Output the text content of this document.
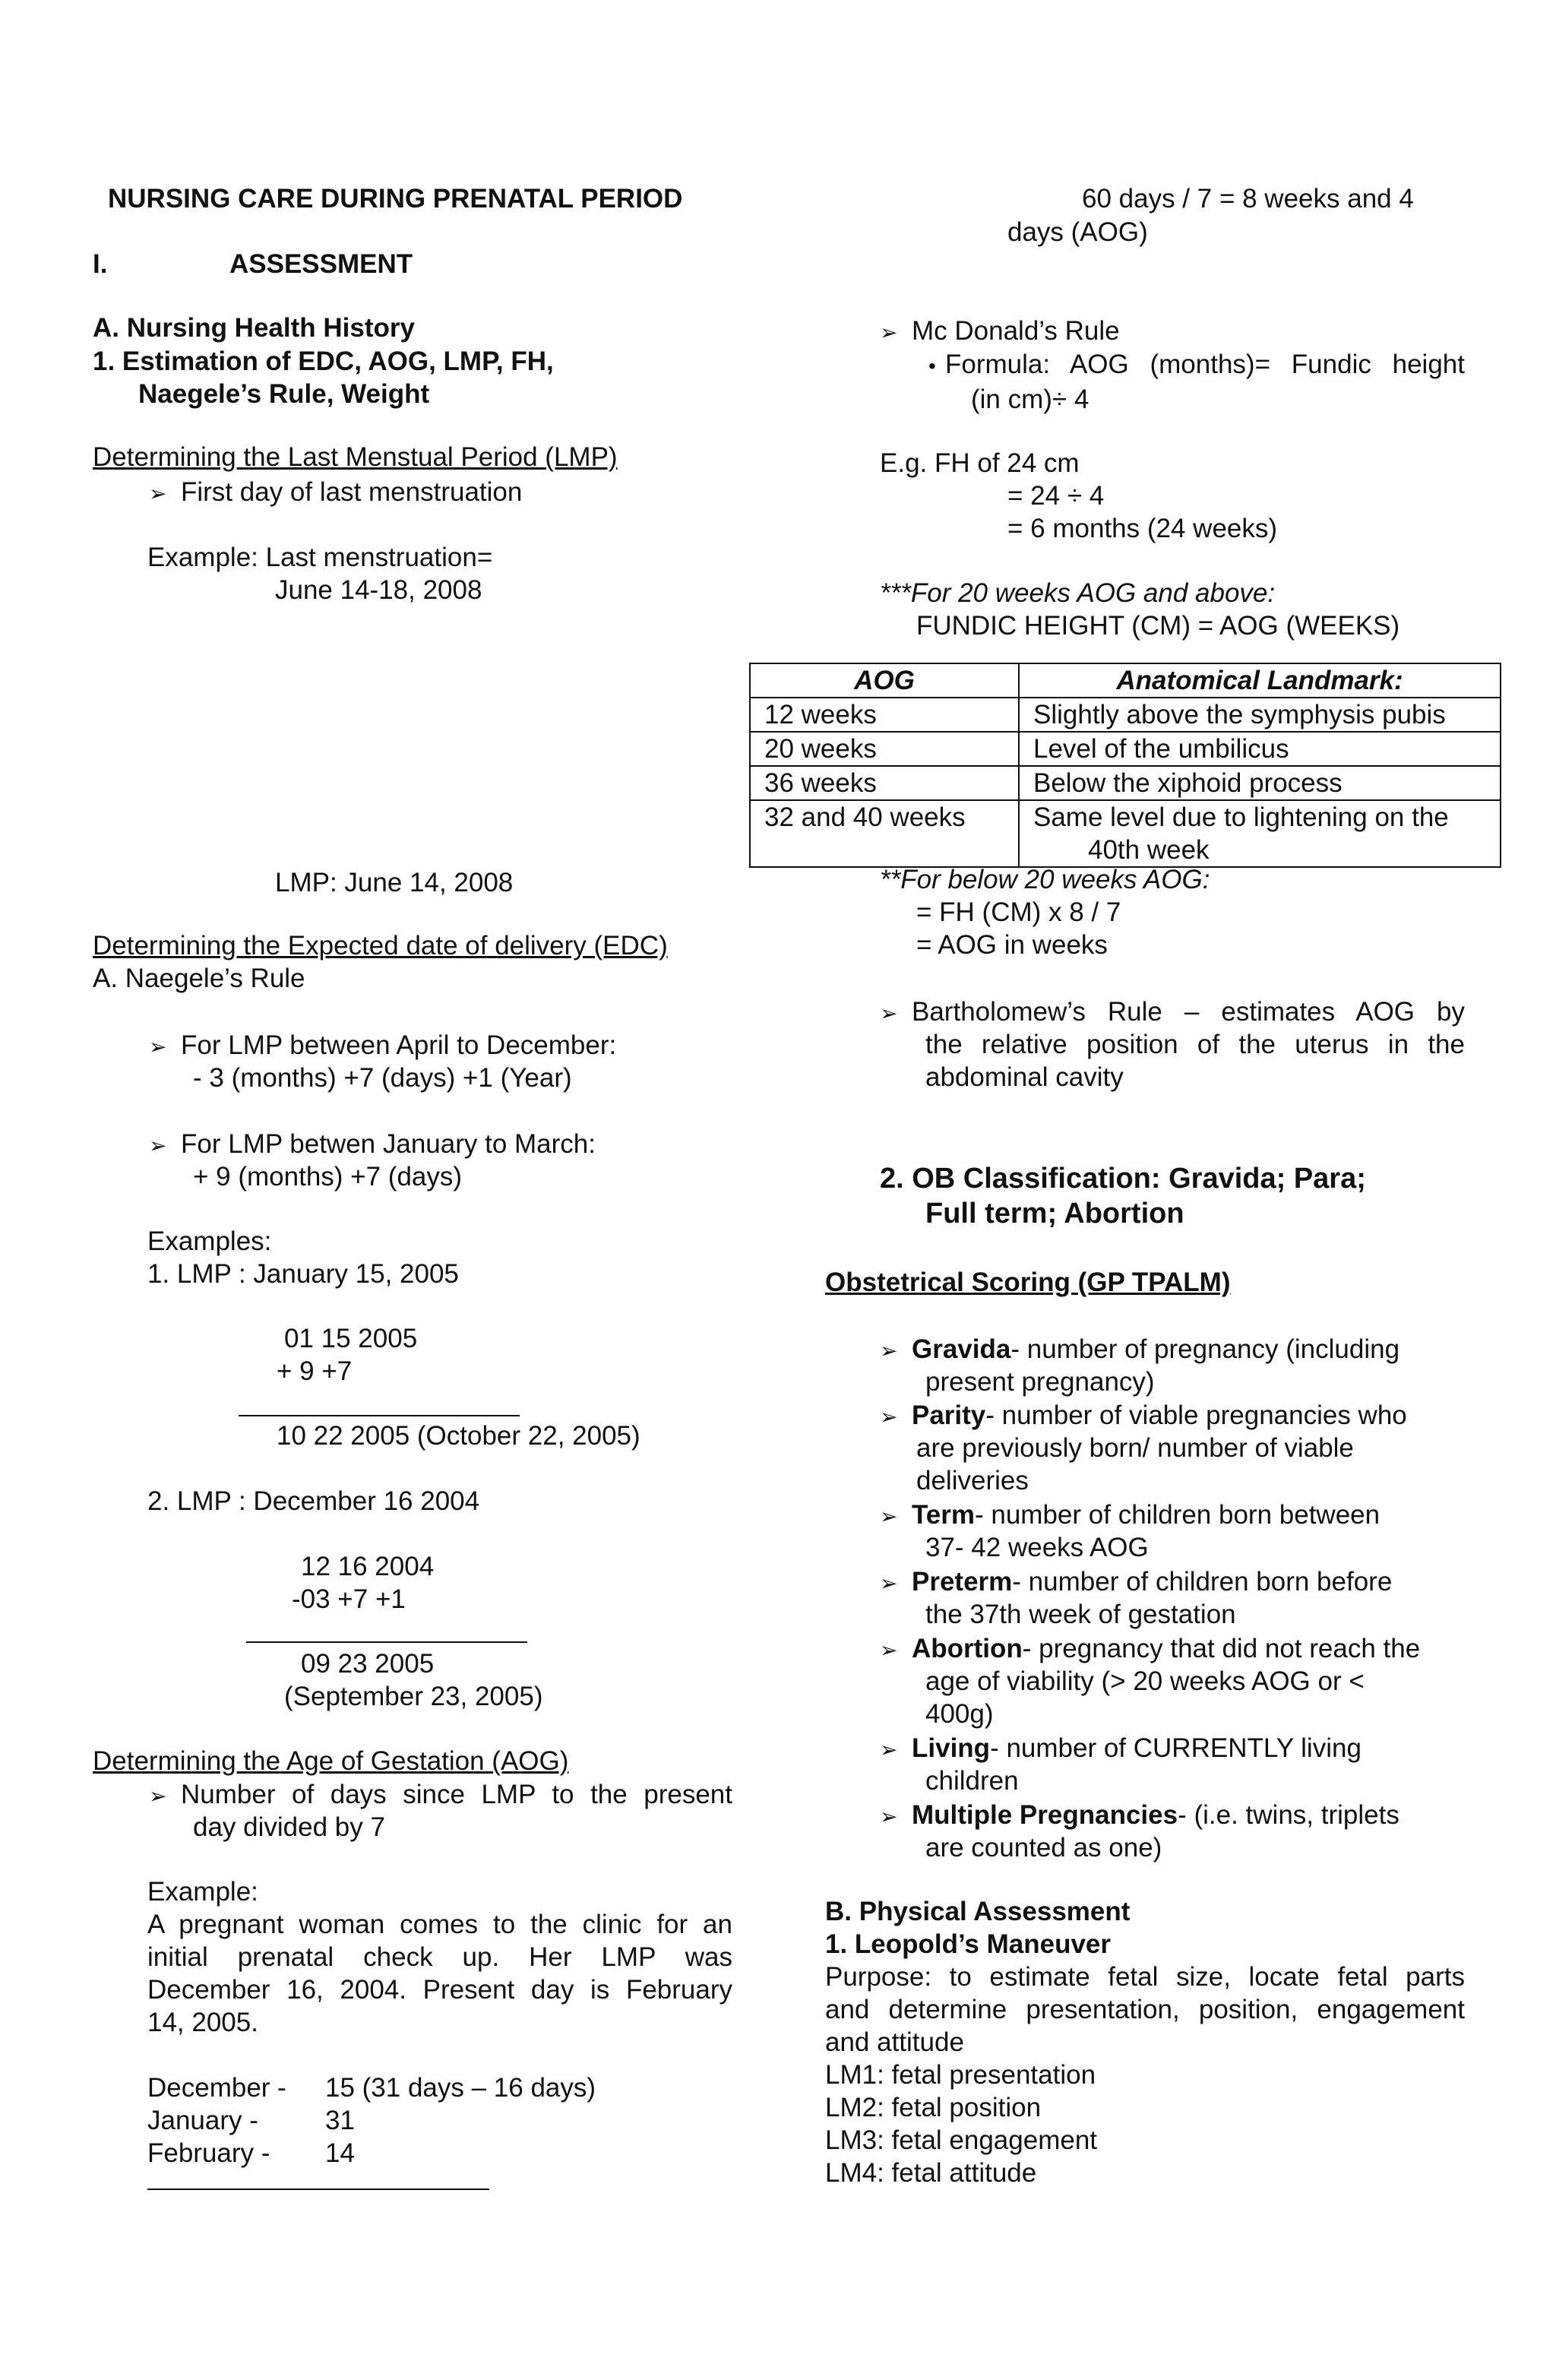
NURSING CARE DURING PRENATAL PERIOD
I.	ASSESSMENT
A. Nursing Health History
1. Estimation of EDC, AOG, LMP, FH,
Naegele’s Rule, Weight
Determining the Last Menstual Period (LMP)
➢ First day of last menstruation
Example: Last menstruation=
June 14-18, 2008
LMP: June 14, 2008
Determining the Expected date of delivery (EDC)
A. Naegele’s Rule
➢ For LMP between April to December:
- 3 (months) +7 (days) +1 (Year)
➢ For LMP betwen January to March:
+ 9 (months) +7 (days)
Examples:
1. LMP : January 15, 2005
01 15 2005
+ 9 +7
10 22 2005 (October 22, 2005)
2. LMP : December 16 2004
12 16 2004
-03 +7 +1
09 23 2005
(September 23, 2005)
Determining the Age of Gestation (AOG)
➢ Number of days since LMP to the present
day divided by 7
Example:
A pregnant woman comes to the clinic for an
initial prenatal check up. Her LMP was
December 16, 2004. Present day is February
14, 2005.
December - 15 (31 days – 16 days)
January -	31
February - 14
60 days / 7 = 8 weeks and 4
days (AOG)
➢ Mc Donald’s Rule
• Formula: AOG (months)= Fundic height
(in cm)÷ 4
E.g. FH of 24 cm
= 24 ÷ 4
= 6 months (24 weeks)
***For 20 weeks AOG and above:
FUNDIC HEIGHT (CM) = AOG (WEEKS)
AOG	Anatomical Landmark:
12 weeks	Slightly above the symphysis pubis
20 weeks	Level of the umbilicus
36 weeks	Below the xiphoid process
32 and 40 weeks	Same level due to lightening on the
40th week
**For below 20 weeks AOG:
= FH (CM) x 8 / 7
= AOG in weeks
➢ Bartholomew’s Rule – estimates AOG by
the relative position of the uterus in the
abdominal cavity
2. OB Classification: Gravida; Para;
Full term; Abortion
Obstetrical Scoring (GP TPALM)
➢ Gravida- number of pregnancy (including
present pregnancy)
➢ Parity- number of viable pregnancies who
are previously born/ number of viable
deliveries
➢ Term- number of children born between
37- 42 weeks AOG
➢ Preterm- number of children born before
the 37th week of gestation
➢ Abortion- pregnancy that did not reach the
age of viability (> 20 weeks AOG or <
400g)
➢ Living- number of CURRENTLY living
children
➢ Multiple Pregnancies- (i.e. twins, triplets
are counted as one)
B. Physical Assessment
1. Leopold’s Maneuver
Purpose: to estimate fetal size, locate fetal parts
and determine presentation, position, engagement
and attitude
LM1: fetal presentation
LM2: fetal position
LM3: fetal engagement
LM4: fetal attitude
